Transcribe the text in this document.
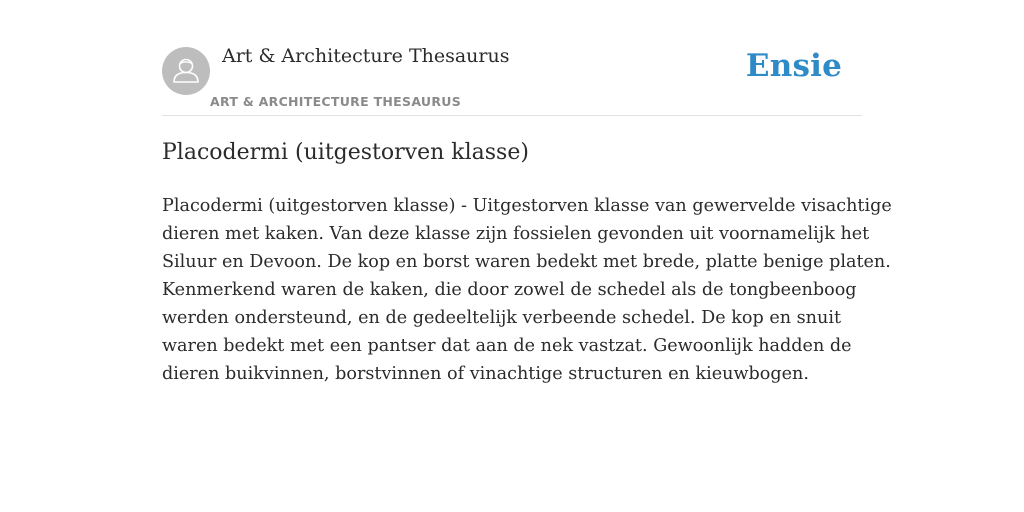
Art & Architecture Thesaurus
ART & ARCHITECTURE THESAURUS
Ensie
Placodermi (uitgestorven klasse)

Placodermi (uitgestorven klasse) - Uitgestorven klasse van gewervelde visachtige
dieren met kaken. Van deze klasse zijn fossielen gevonden uit voornamelijk het
Siluur en Devoon. De kop en borst waren bedekt met brede, platte benige platen.
Kenmerkend waren de kaken, die door zowel de schedel als de tongbeenboog
werden ondersteund, en de gedeeltelijk verbeende schedel. De kop en snuit
waren bedekt met een pantser dat aan de nek vastzat. Gewoonlijk hadden de
dieren buikvinnen, borstvinnen of vinachtige structuren en kieuwbogen.
